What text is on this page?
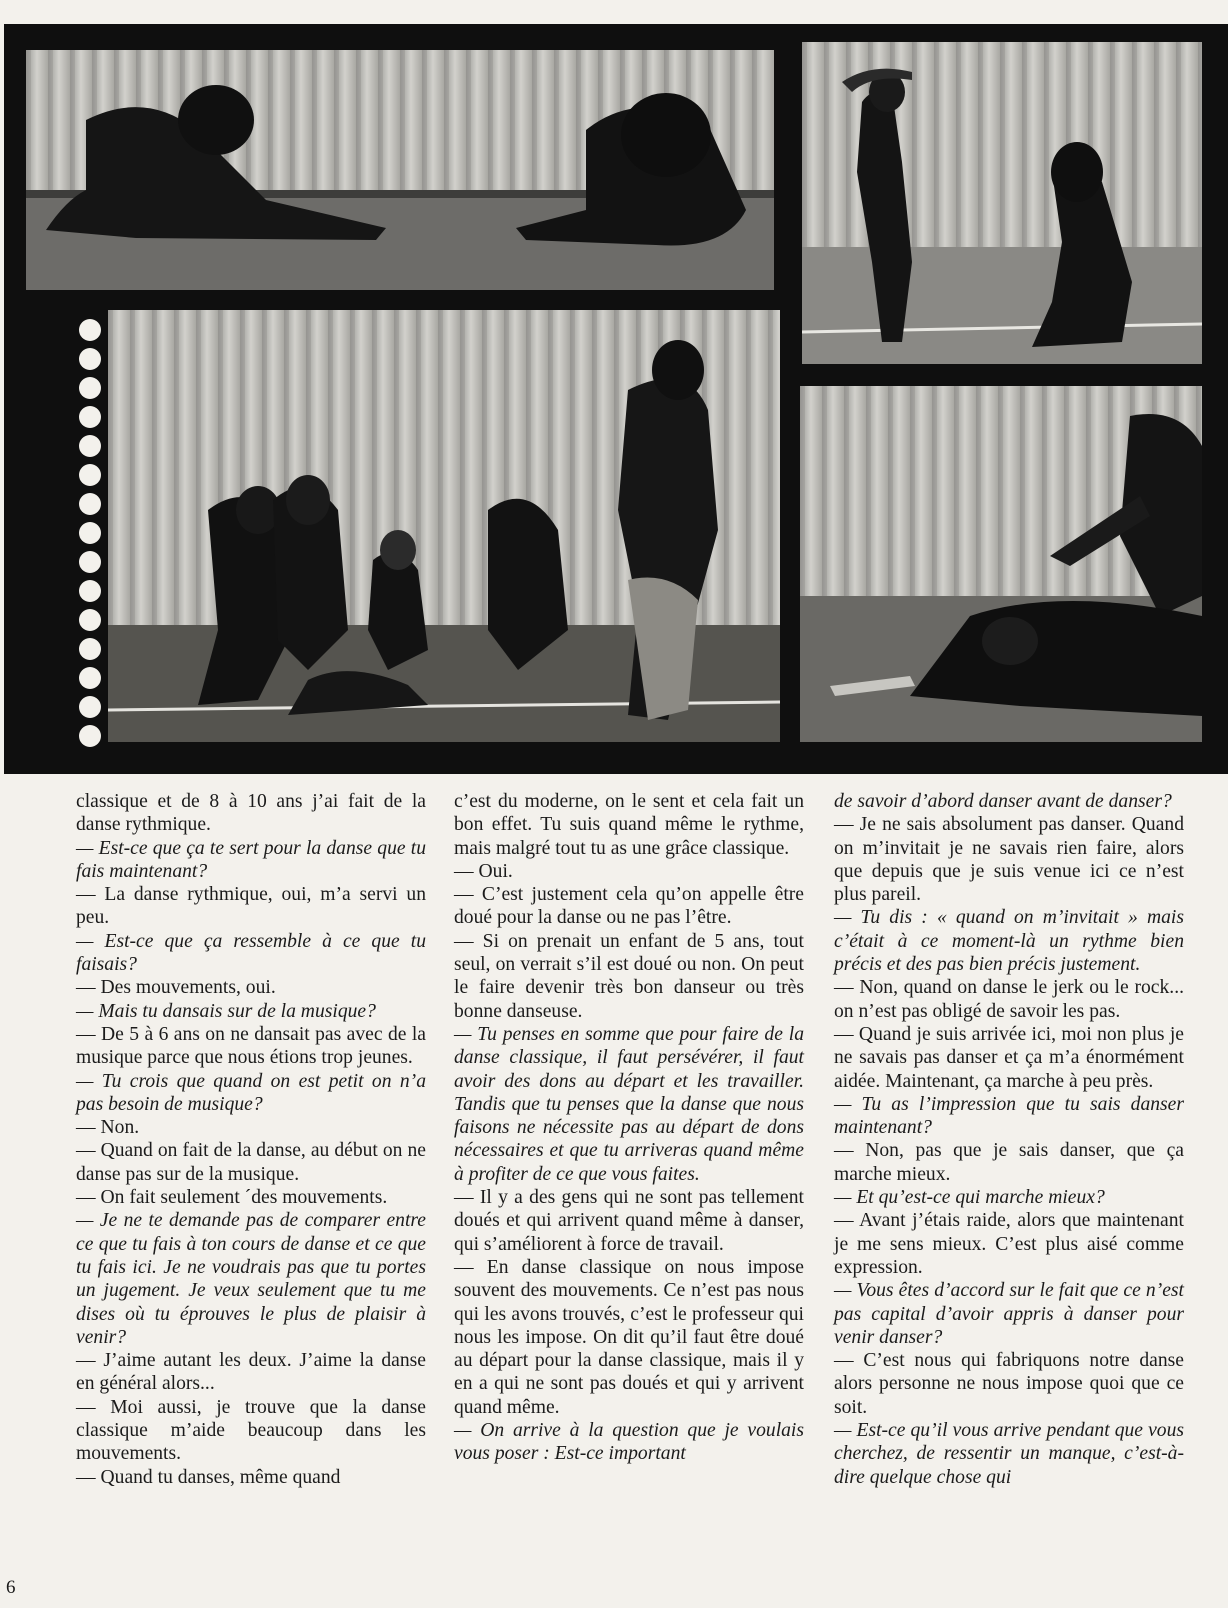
classique et de 8 à 10 ans j’ai fait de la danse rythmique.

— Est-ce que ça te sert pour la danse que tu fais maintenant?

— La danse rythmique, oui, m’a servi un peu.

— Est-ce que ça ressemble à ce que tu faisais?

— Des mouvements, oui.

— Mais tu dansais sur de la musique?

— De 5 à 6 ans on ne dansait pas avec de la musique parce que nous étions trop jeunes.

— Tu crois que quand on est petit on n’a pas besoin de musique?

— Non.

— Quand on fait de la danse, au début on ne danse pas sur de la musique.

— On fait seulement ´des mouvements.

— Je ne te demande pas de comparer entre ce que tu fais à ton cours de danse et ce que tu fais ici. Je ne voudrais pas que tu portes un jugement. Je veux seulement que tu me dises où tu éprouves le plus de plaisir à venir?

— J’aime autant les deux. J’aime la danse en général alors...

— Moi aussi, je trouve que la danse classique m’aide beaucoup dans les mouvements.

— Quand tu danses, même quand

c’est du moderne, on le sent et cela fait un bon effet. Tu suis quand même le rythme, mais malgré tout tu as une grâce classique.

— Oui.

— C’est justement cela qu’on appelle être doué pour la danse ou ne pas l’être.

— Si on prenait un enfant de 5 ans, tout seul, on verrait s’il est doué ou non. On peut le faire devenir très bon danseur ou très bonne danseuse.

— Tu penses en somme que pour faire de la danse classique, il faut persévérer, il faut avoir des dons au départ et les travailler. Tandis que tu penses que la danse que nous faisons ne nécessite pas au départ de dons nécessaires et que tu arriveras quand même à profiter de ce que vous faites.

— Il y a des gens qui ne sont pas tellement doués et qui arrivent quand même à danser, qui s’améliorent à force de travail.

— En danse classique on nous impose souvent des mouvements. Ce n’est pas nous qui les avons trouvés, c’est le professeur qui nous les impose. On dit qu’il faut être doué au départ pour la danse classique, mais il y en a qui ne sont pas doués et qui y arrivent quand même.

— On arrive à la question que je voulais vous poser : Est-ce important

de savoir d’abord danser avant de danser?

— Je ne sais absolument pas danser. Quand on m’invitait je ne savais rien faire, alors que depuis que je suis venue ici ce n’est plus pareil.

— Tu dis : « quand on m’invitait » mais c’était à ce moment-là un rythme bien précis et des pas bien précis justement.

— Non, quand on danse le jerk ou le rock... on n’est pas obligé de savoir les pas.

— Quand je suis arrivée ici, moi non plus je ne savais pas danser et ça m’a énormément aidée. Maintenant, ça marche à peu près.

— Tu as l’impression que tu sais danser maintenant?

— Non, pas que je sais danser, que ça marche mieux.

— Et qu’est-ce qui marche mieux?

— Avant j’étais raide, alors que maintenant je me sens mieux. C’est plus aisé comme expression.

— Vous êtes d’accord sur le fait que ce n’est pas capital d’avoir appris à danser pour venir danser?

— C’est nous qui fabriquons notre danse alors personne ne nous impose quoi que ce soit.

— Est-ce qu’il vous arrive pendant que vous cherchez, de ressentir un manque, c’est-à-dire quelque chose qui

6
